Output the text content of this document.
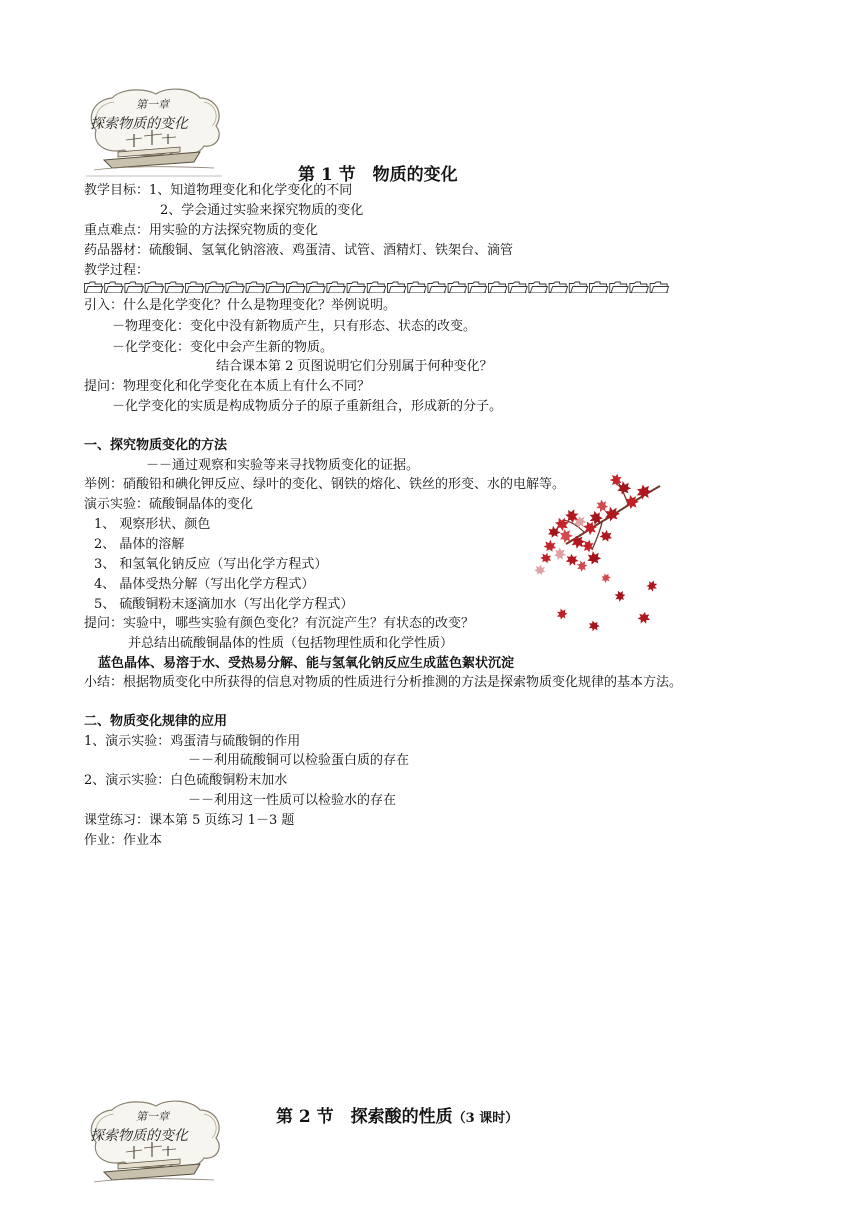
第一章
探索物质的变化
第 1 节　物质的变化
教学目标：1、知道物理变化和化学变化的不同
2、学会通过实验来探究物质的变化
重点难点：用实验的方法探究物质的变化
药品器材：硫酸铜、氢氧化钠溶液、鸡蛋清、试管、酒精灯、铁架台、滴管
教学过程：
引入：什么是化学变化？什么是物理变化？举例说明。
－物理变化：变化中没有新物质产生，只有形态、状态的改变。
－化学变化：变化中会产生新的物质。
结合课本第 2 页图说明它们分别属于何种变化？
提问：物理变化和化学变化在本质上有什么不同？
－化学变化的实质是构成物质分子的原子重新组合，形成新的分子。
一、探究物质变化的方法
－－通过观察和实验等来寻找物质变化的证据。
举例：硝酸铅和碘化钾反应、绿叶的变化、钢铁的熔化、铁丝的形变、水的电解等。
演示实验：硫酸铜晶体的变化
1、 观察形状、颜色
2、 晶体的溶解
3、 和氢氧化钠反应（写出化学方程式）
4、 晶体受热分解（写出化学方程式）
5、 硫酸铜粉末逐滴加水（写出化学方程式）
提问：实验中，哪些实验有颜色变化？有沉淀产生？有状态的改变？
并总结出硫酸铜晶体的性质（包括物理性质和化学性质）
蓝色晶体、易溶于水、受热易分解、能与氢氧化钠反应生成蓝色絮状沉淀
小结：根据物质变化中所获得的信息对物质的性质进行分析推测的方法是探索物质变化规律的基本方法。
二、物质变化规律的应用
1、演示实验：鸡蛋清与硫酸铜的作用
－－利用硫酸铜可以检验蛋白质的存在
2、演示实验：白色硫酸铜粉末加水
－－利用这一性质可以检验水的存在
课堂练习：课本第 5 页练习 1－3 题
作业：作业本
第一章
探索物质的变化
第 2 节　探索酸的性质（3 课时）
